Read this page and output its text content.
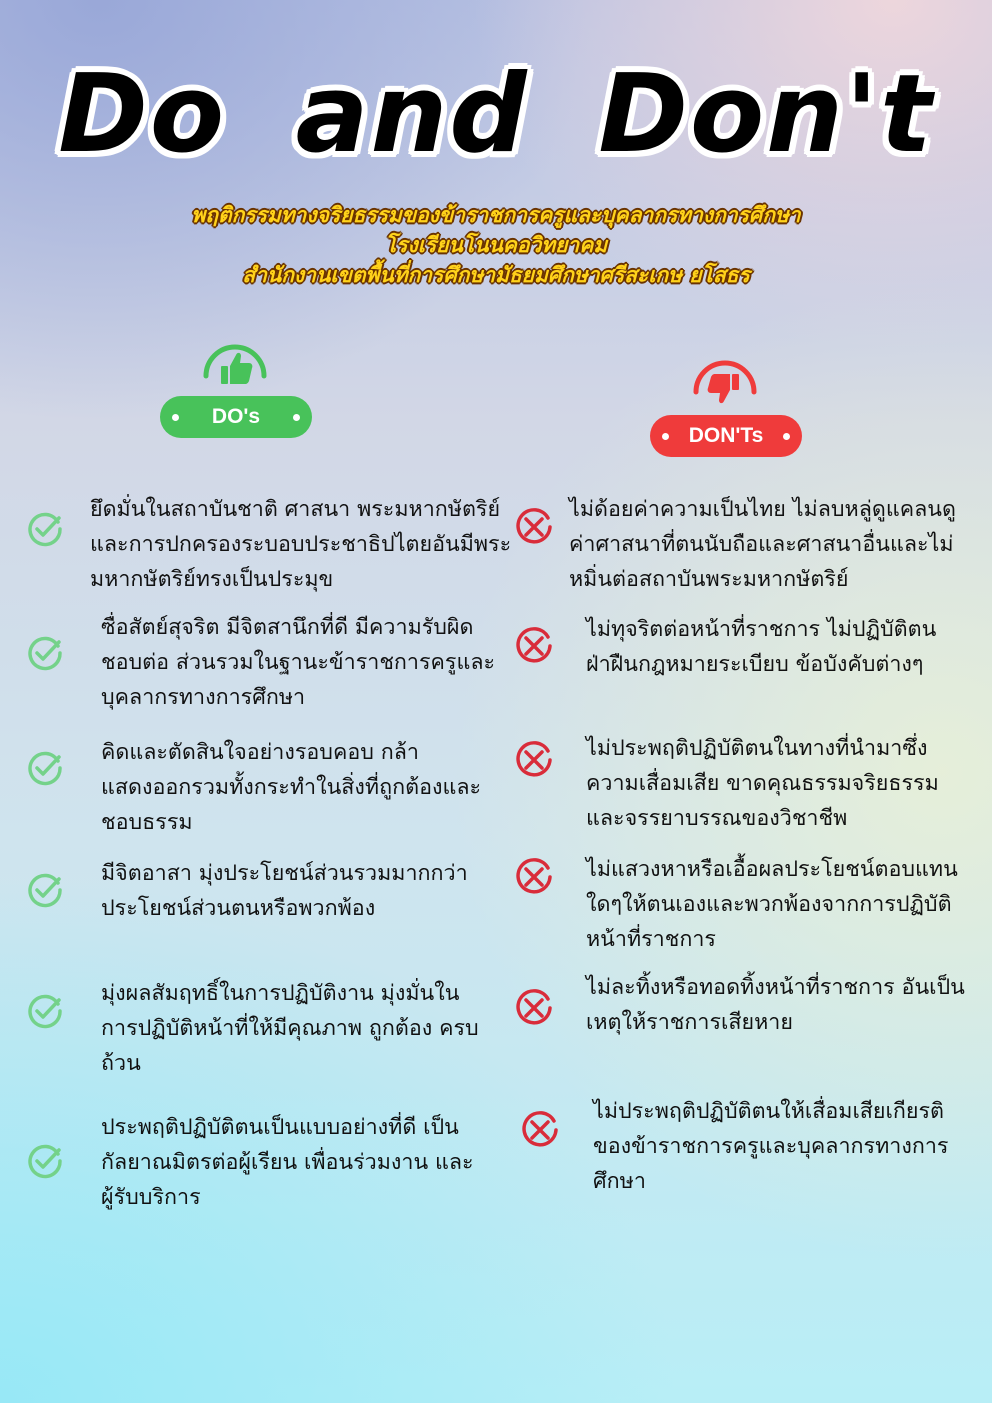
Do and Don't
พฤติกรรมทางจริยธรรมของข้าราชการครูและบุคลากรทางการศึกษา
โรงเรียนโนนคอวิทยาคม
สำนักงานเขตพื้นที่การศึกษามัธยมศึกษาศรีสะเกษ ยโสธร
DO's
DON'Ts
ยึดมั่นในสถาบันชาติ ศาสนา พระมหากษัตริย์
และการปกครองระบอบประชาธิปไตยอันมีพระ
มหากษัตริย์ทรงเป็นประมุข
ไม่ด้อยค่าความเป็นไทย ไม่ลบหลู่ดูแคลนดู
ค่าศาสนาที่ตนนับถือและศาสนาอื่นและไม่
หมิ่นต่อสถาบันพระมหากษัตริย์
ซื่อสัตย์สุจริต มีจิตสานึกที่ดี มีความรับผิด
ชอบต่อ ส่วนรวมในฐานะข้าราชการครูและ
บุคลากรทางการศึกษา
ไม่ทุจริตต่อหน้าที่ราชการ ไม่ปฏิบัติตน
ฝ่าฝืนกฎหมายระเบียบ ข้อบังคับต่างๆ
คิดและตัดสินใจอย่างรอบคอบ กล้า
แสดงออกรวมทั้งกระทำในสิ่งที่ถูกต้องและ
ชอบธรรม
ไม่ประพฤติปฏิบัติตนในทางที่นำมาซึ่ง
ความเสื่อมเสีย ขาดคุณธรรมจริยธรรม
และจรรยาบรรณของวิชาชีพ
มีจิตอาสา มุ่งประโยชน์ส่วนรวมมากกว่า
ประโยชน์ส่วนตนหรือพวกพ้อง
ไม่แสวงหาหรือเอื้อผลประโยชน์ตอบแทน
ใดๆให้ตนเองและพวกพ้องจากการปฏิบัติ
หน้าที่ราชการ
มุ่งผลสัมฤทธิ์ในการปฏิบัติงาน มุ่งมั่นใน
การปฏิบัติหน้าที่ให้มีคุณภาพ ถูกต้อง ครบ
ถ้วน
ไม่ละทิ้งหรือทอดทิ้งหน้าที่ราชการ อันเป็น
เหตุให้ราชการเสียหาย
ประพฤติปฏิบัติตนเป็นแบบอย่างที่ดี เป็น
กัลยาณมิตรต่อผู้เรียน เพื่อนร่วมงาน และ
ผู้รับบริการ
ไม่ประพฤติปฏิบัติตนให้เสื่อมเสียเกียรติ
ของข้าราชการครูและบุคลากรทางการ
ศึกษา
